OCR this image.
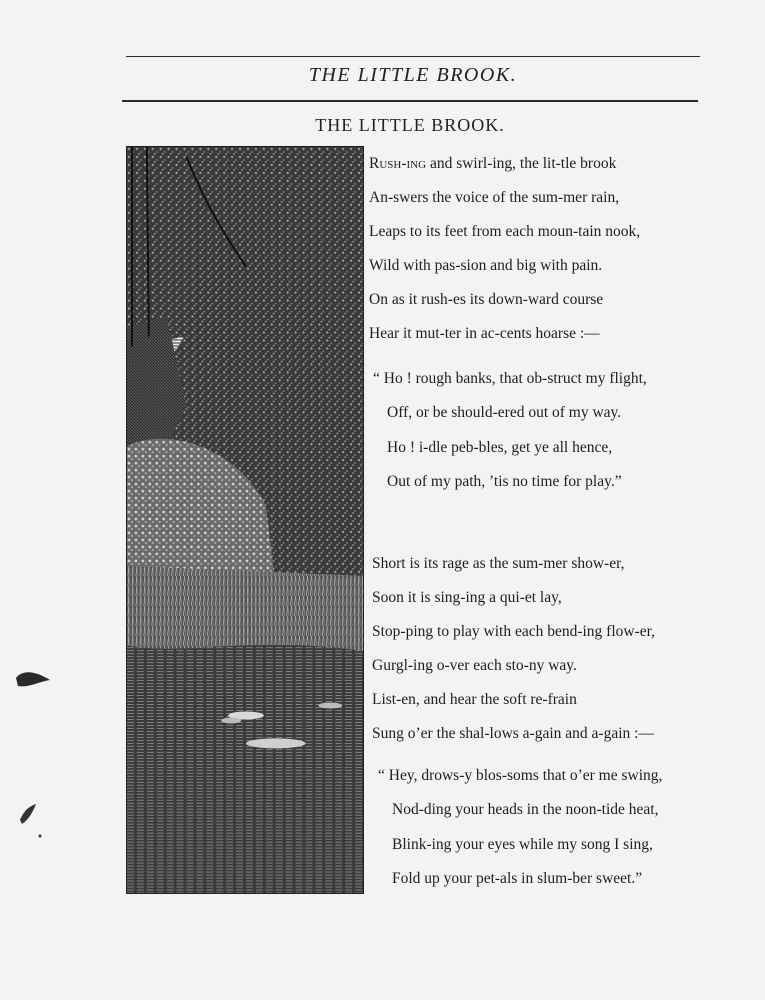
THE LITTLE BROOK.
THE LITTLE BROOK.
Rush-ing and swirl-ing, the lit-tle brook
An-swers the voice of the sum-mer rain,
Leaps to its feet from each moun-tain nook,
Wild with pas-sion and big with pain.
On as it rush-es its down-ward course
Hear it mut-ter in ac-cents hoarse :—
“ Ho ! rough banks, that ob-struct my flight,
Off, or be should-ered out of my way.
Ho ! i-dle peb-bles, get ye all hence,
Out of my path, ’tis no time for play.”
Short is its rage as the sum-mer show-er,
Soon it is sing-ing a qui-et lay,
Stop-ping to play with each bend-ing flow-er,
Gurgl-ing o-ver each sto-ny way.
List-en, and hear the soft re-frain
Sung o’er the shal-lows a-gain and a-gain :—
“ Hey, drows-y blos-soms that o’er me swing,
Nod-ding your heads in the noon-tide heat,
Blink-ing your eyes while my song I sing,
Fold up your pet-als in slum-ber sweet.”
